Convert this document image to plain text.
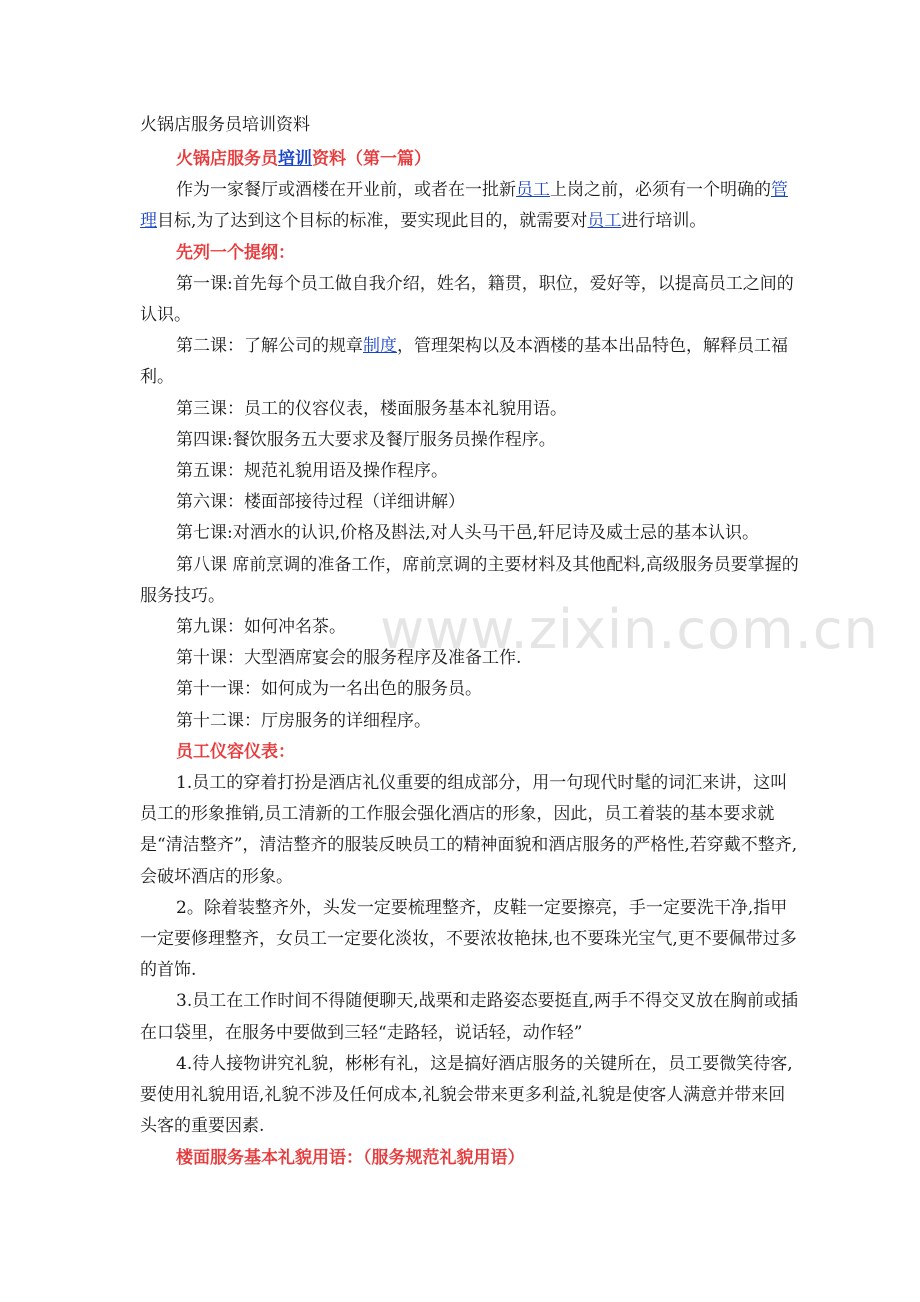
火锅店服务员培训资料

火锅店服务员培训资料（第一篇）

作为一家餐厅或酒楼在开业前，或者在一批新员工上岗之前，必须有一个明确的管理目标,为了达到这个目标的标准，要实现此目的，就需要对员工进行培训。

先列一个提纲：

第一课:首先每个员工做自我介绍，姓名，籍贯，职位，爱好等，以提高员工之间的认识。

第二课：了解公司的规章制度，管理架构以及本酒楼的基本出品特色，解释员工福利。

第三课：员工的仪容仪表，楼面服务基本礼貌用语。

第四课:餐饮服务五大要求及餐厅服务员操作程序。

第五课：规范礼貌用语及操作程序。

第六课：楼面部接待过程（详细讲解）

第七课:对酒水的认识,价格及斟法,对人头马干邑,轩尼诗及威士忌的基本认识。

第八课 席前烹调的准备工作，席前烹调的主要材料及其他配料,高级服务员要掌握的服务技巧。

第九课：如何冲名茶。

第十课：大型酒席宴会的服务程序及准备工作.

第十一课：如何成为一名出色的服务员。

第十二课：厅房服务的详细程序。

员工仪容仪表：

1.员工的穿着打扮是酒店礼仪重要的组成部分，用一句现代时髦的词汇来讲，这叫员工的形象推销,员工清新的工作服会强化酒店的形象，因此，员工着装的基本要求就是“清洁整齐”，清洁整齐的服装反映员工的精神面貌和酒店服务的严格性,若穿戴不整齐,会破坏酒店的形象。

2。除着装整齐外，头发一定要梳理整齐，皮鞋一定要擦亮，手一定要洗干净,指甲一定要修理整齐，女员工一定要化淡妆，不要浓妆艳抹,也不要珠光宝气,更不要佩带过多的首饰.

3.员工在工作时间不得随便聊天,战栗和走路姿态要挺直,两手不得交叉放在胸前或插在口袋里，在服务中要做到三轻“走路轻，说话轻，动作轻”

4.待人接物讲究礼貌，彬彬有礼，这是搞好酒店服务的关键所在，员工要微笑待客,要使用礼貌用语,礼貌不涉及任何成本,礼貌会带来更多利益,礼貌是使客人满意并带来回头客的重要因素.

楼面服务基本礼貌用语：（服务规范礼貌用语）

www.zixin.com.cn
